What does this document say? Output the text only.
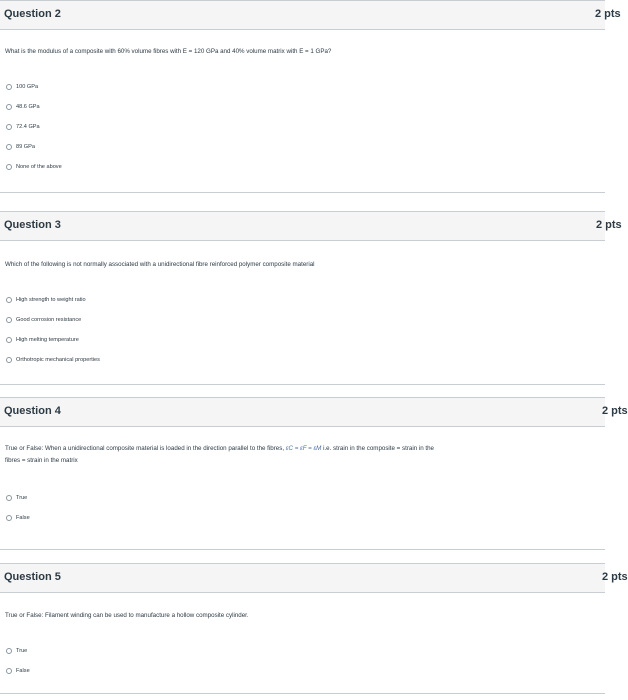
Question 2	2 pts
What is the modulus of a composite with 60% volume fibres with E = 120 GPa and 40% volume matrix with E = 1 GPa?
100 GPa
48.6 GPa
72.4 GPa
89 GPa
None of the above
Question 3	2 pts
Which of the following is not normally associated with a unidirectional fibre reinforced polymer composite material
High strength to weight ratio
Good corrosion resistance
High melting temperature
Orthotropic mechanical properties
Question 4	2 pts
True or False: When a unidirectional composite material is loaded in the direction parallel to the fibres, εC = εF = εM i.e. strain in the composite = strain in the
fibres = strain in the matrix
True
False
Question 5	2 pts
True or False: Filament winding can be used to manufacture a hollow composite cylinder.
True
False
